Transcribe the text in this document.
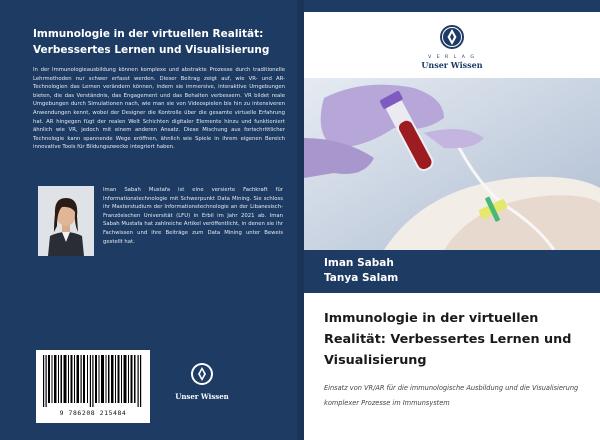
Immunologie in der virtuellen Realität: Verbessertes Lernen und Visualisierung
In der Immunologieausbildung können komplexe und abstrakte Prozesse durch traditionelle Lehrmethoden nur schwer erfasst werden. Dieser Beitrag zeigt auf, wie VR- und AR-Technologien das Lernen verändern können, indem sie immersive, interaktive Umgebungen bieten, die das Verständnis, das Engagement und das Behalten verbessern. VR bildet reale Umgebungen durch Simulationen nach, wie man sie von Videospielen bis hin zu intensiveren Anwendungen kennt, wobei der Designer die Kontrolle über die gesamte virtuelle Erfahrung hat. AR hingegen fügt der realen Welt Schichten digitaler Elemente hinzu und funktioniert ähnlich wie VR, jedoch mit einem anderen Ansatz. Diese Mischung aus fortschrittlicher Technologie kann spannende Wege eröffnen, ähnlich wie Spiele in ihrem eigenen Bereich innovative Tools für Bildungszwecke integriert haben.
Iman Sabah Mustafa ist eine versierte Fachkraft für Informationstechnologie mit Schwerpunkt Data Mining. Sie schloss ihr Masterstudium der Informationstechnologie an der Libanesisch-Französischen Universität (LFU) in Erbil im Jahr 2021 ab. Iman Sabah Mustafa hat zahlreiche Artikel veröffentlicht, in denen sie ihr Fachwissen und ihre Beiträge zum Data Mining unter Beweis gestellt hat.
9 786208 215484
Unser Wissen
V E R L A G
Unser Wissen
Iman Sabah
Tanya Salam
Immunologie in der virtuellen Realität: Verbessertes Lernen und Visualisierung
Einsatz von VR/AR für die immunologische Ausbildung und die Visualisierung komplexer Prozesse im Immunsystem
